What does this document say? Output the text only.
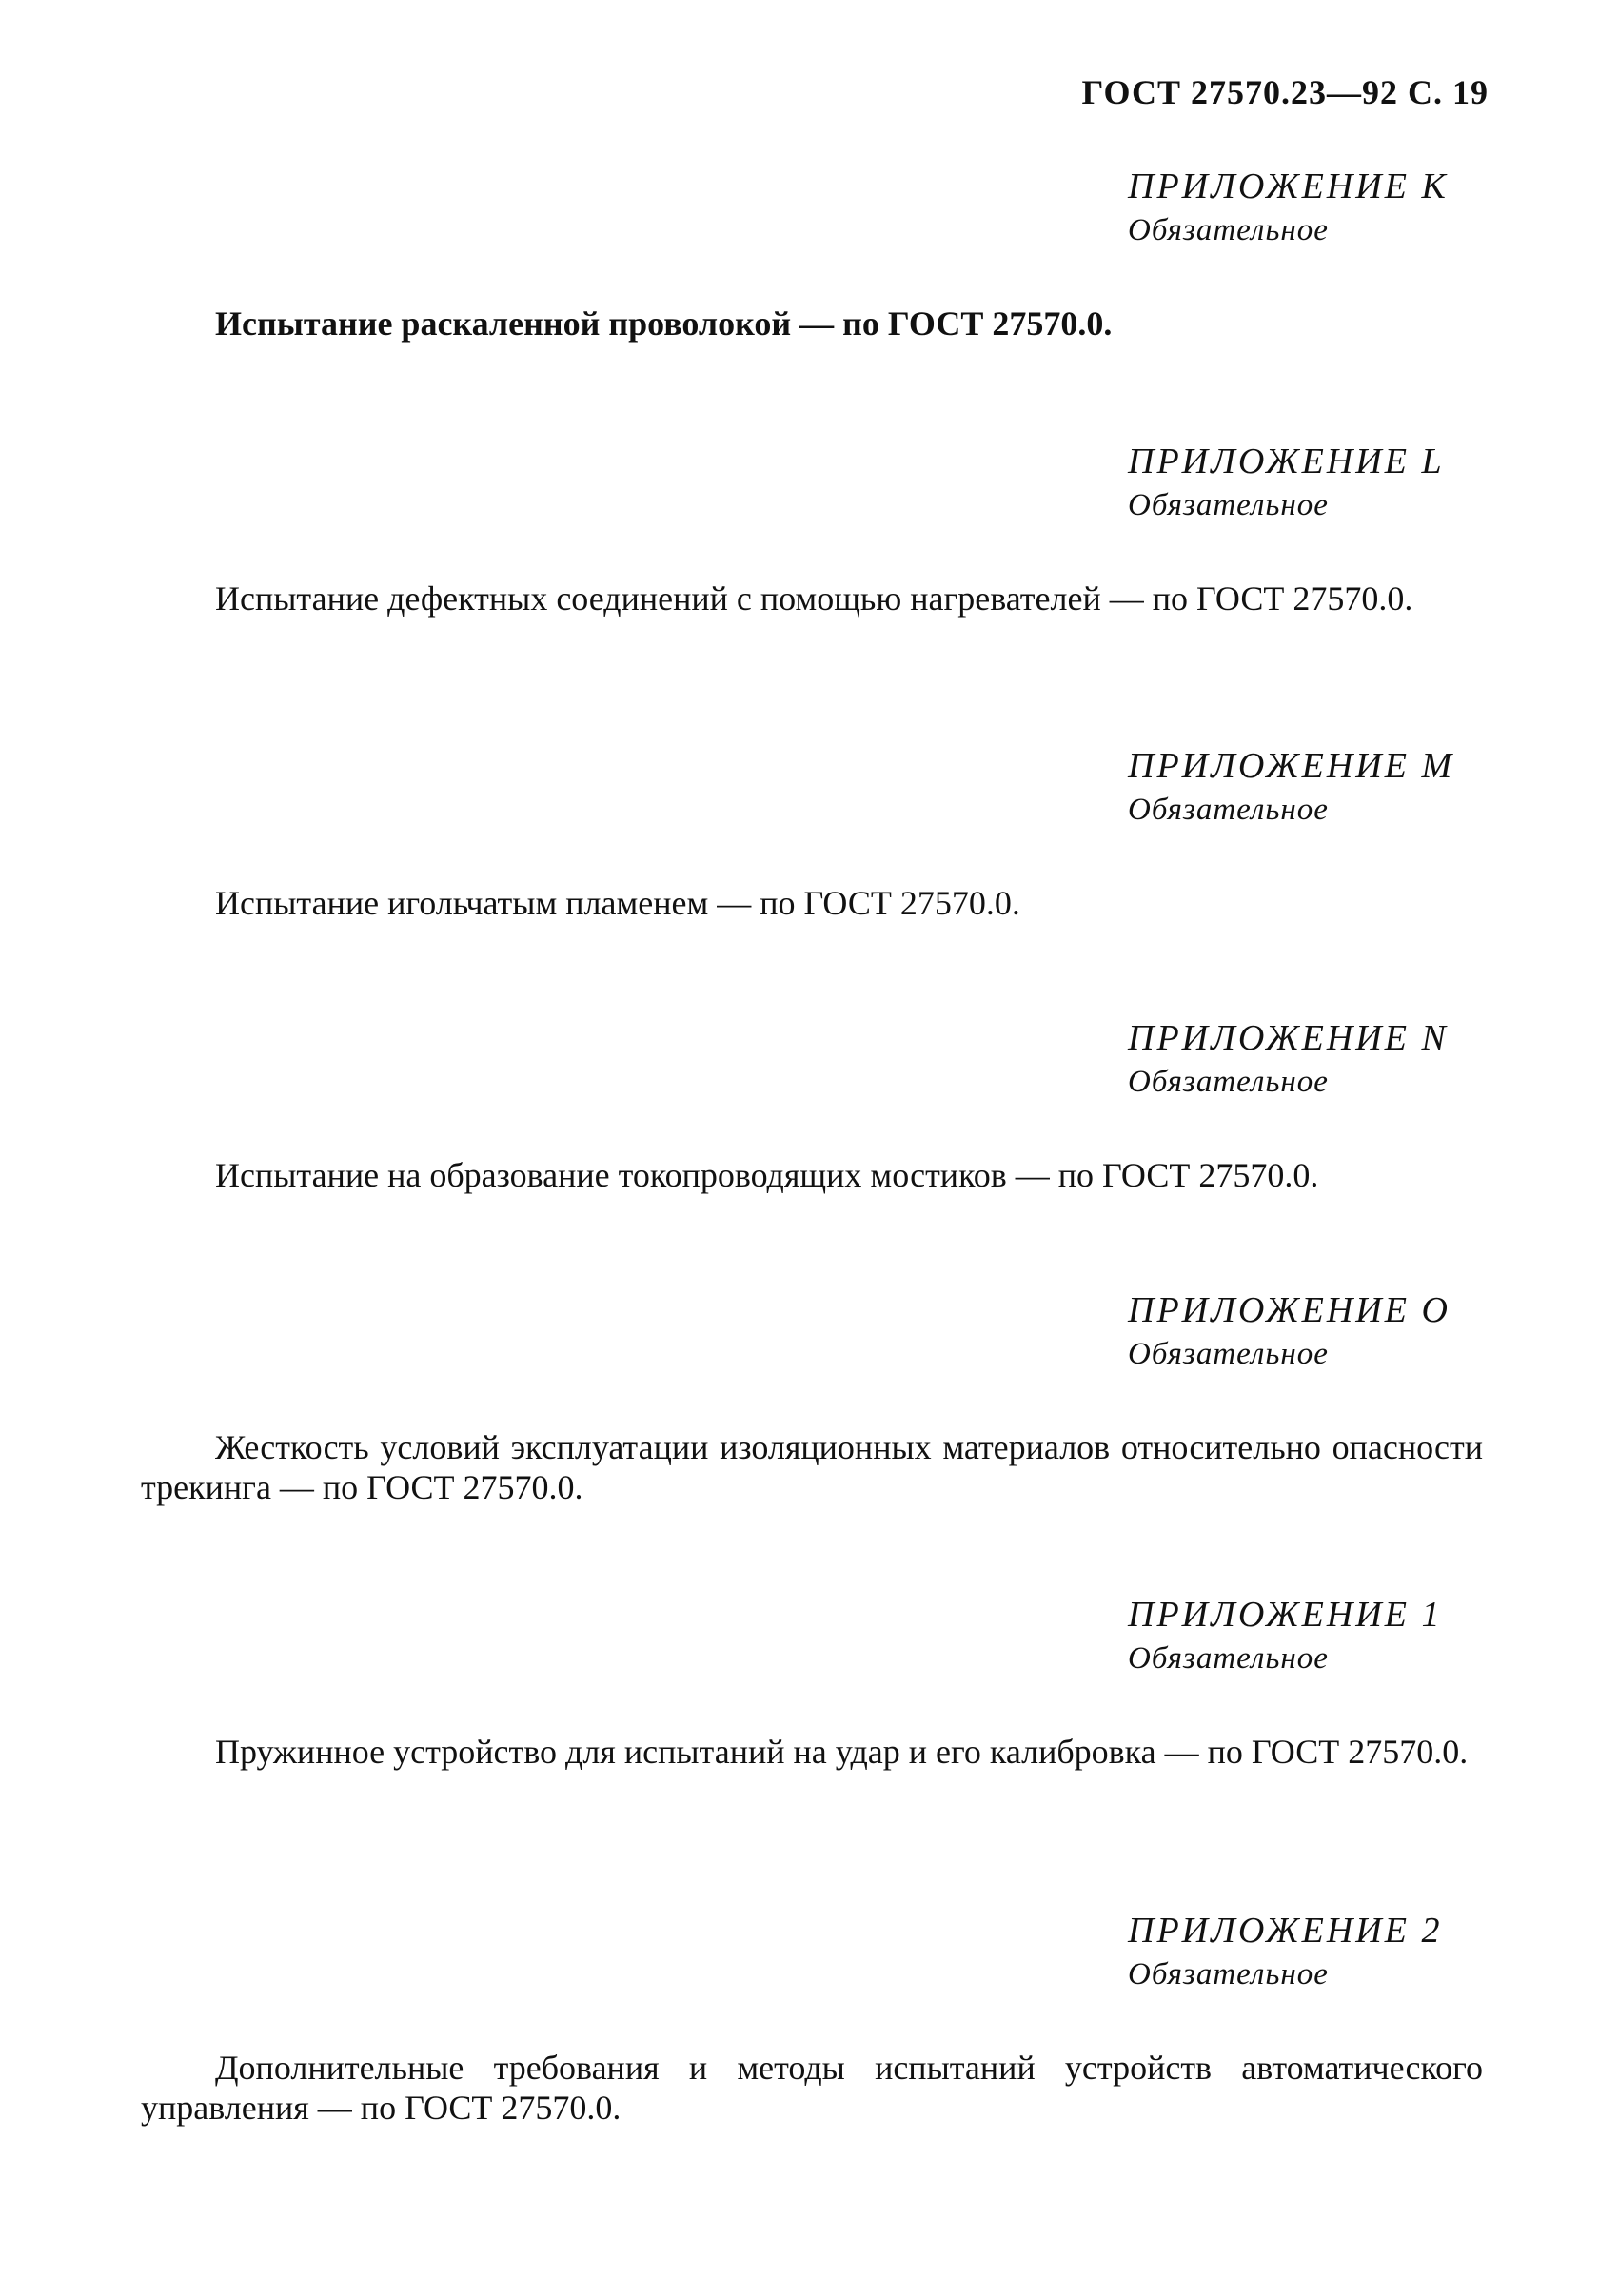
ГОСТ 27570.23—92 С. 19
ПРИЛОЖЕНИЕ K
Обязательное
Испытание раскаленной проволокой — по ГОСТ 27570.0.
ПРИЛОЖЕНИЕ L
Обязательное
Испытание дефектных соединений с помощью нагревателей — по ГОСТ 27570.0.
ПРИЛОЖЕНИЕ M
Обязательное
Испытание игольчатым пламенем — по ГОСТ 27570.0.
ПРИЛОЖЕНИЕ N
Обязательное
Испытание на образование токопроводящих мостиков — по ГОСТ 27570.0.
ПРИЛОЖЕНИЕ O
Обязательное
Жесткость условий эксплуатации изоляционных материалов относительно опасности трекинга — по ГОСТ 27570.0.
ПРИЛОЖЕНИЕ 1
Обязательное
Пружинное устройство для испытаний на удар и его калибровка — по ГОСТ 27570.0.
ПРИЛОЖЕНИЕ 2
Обязательное
Дополнительные требования и методы испытаний устройств автоматического управления — по ГОСТ 27570.0.
